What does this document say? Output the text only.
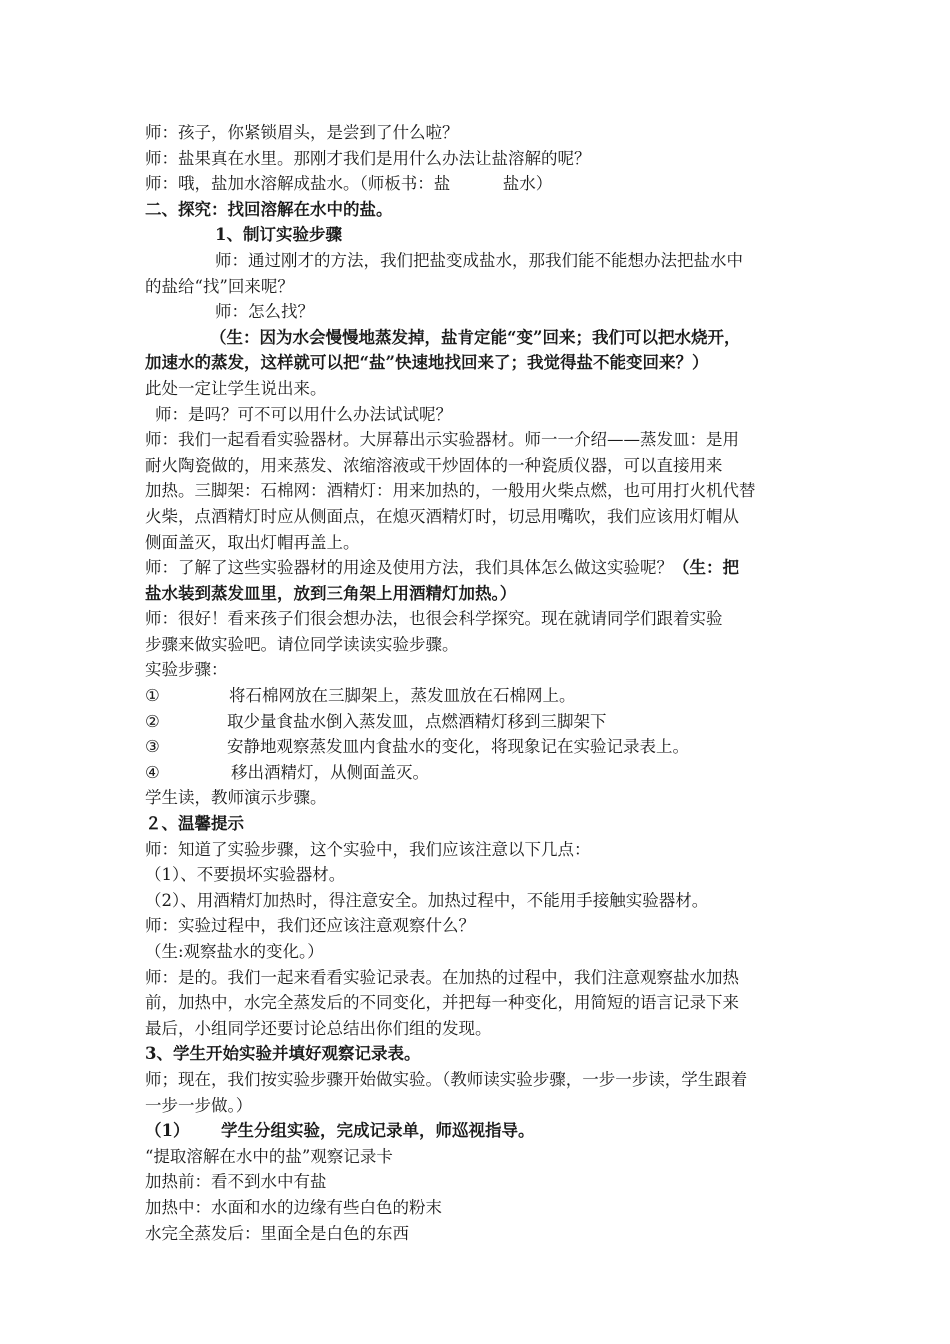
师：孩子，你紧锁眉头，是尝到了什么啦？
师：盐果真在水里。那刚才我们是用什么办法让盐溶解的呢？
师：哦，盐加水溶解成盐水。（师板书：盐          盐水）
二、探究：找回溶解在水中的盐。
1、制订实验步骤
师：通过刚才的方法，我们把盐变成盐水，那我们能不能想办法把盐水中
的盐给“找”回来呢？
师：怎么找？
（生：因为水会慢慢地蒸发掉，盐肯定能“变”回来；我们可以把水烧开，
加速水的蒸发，这样就可以把“盐”快速地找回来了；我觉得盐不能变回来？）
此处一定让学生说出来。
师：是吗？可不可以用什么办法试试呢？
师：我们一起看看实验器材。大屏幕出示实验器材。师一一介绍——蒸发皿：是用
耐火陶瓷做的，用来蒸发、浓缩溶液或干炒固体的一种瓷质仪器，可以直接用来
加热。三脚架：石棉网：酒精灯：用来加热的，一般用火柴点燃，也可用打火机代替
火柴，点酒精灯时应从侧面点，在熄灭酒精灯时，切忌用嘴吹，我们应该用灯帽从
侧面盖灭，取出灯帽再盖上。
师：了解了这些实验器材的用途及使用方法，我们具体怎么做这实验呢？（生：把
盐水装到蒸发皿里，放到三角架上用酒精灯加热。）
师：很好！看来孩子们很会想办法，也很会科学探究。现在就请同学们跟着实验
步骤来做实验吧。请位同学读读实验步骤。
实验步骤：
①	将石棉网放在三脚架上，蒸发皿放在石棉网上。
②	取少量食盐水倒入蒸发皿，点燃酒精灯移到三脚架下
③	安静地观察蒸发皿内食盐水的变化，将现象记在实验记录表上。
④	移出酒精灯，从侧面盖灭。
学生读，教师演示步骤。
２、温馨提示
师：知道了实验步骤，这个实验中，我们应该注意以下几点：
（1）、不要损坏实验器材。
（2）、用酒精灯加热时，得注意安全。加热过程中，不能用手接触实验器材。
师：实验过程中，我们还应该注意观察什么？
（生:观察盐水的变化。）
师：是的。我们一起来看看实验记录表。在加热的过程中，我们注意观察盐水加热
前，加热中，水完全蒸发后的不同变化，并把每一种变化，用简短的语言记录下来
最后，小组同学还要讨论总结出你们组的发现。
3、学生开始实验并填好观察记录表。
师；现在，我们按实验步骤开始做实验。（教师读实验步骤，一步一步读，学生跟着
一步一步做。）
（1） 学生分组实验，完成记录单，师巡视指导。
“提取溶解在水中的盐”观察记录卡
加热前：看不到水中有盐
加热中：水面和水的边缘有些白色的粉末
水完全蒸发后：里面全是白色的东西
